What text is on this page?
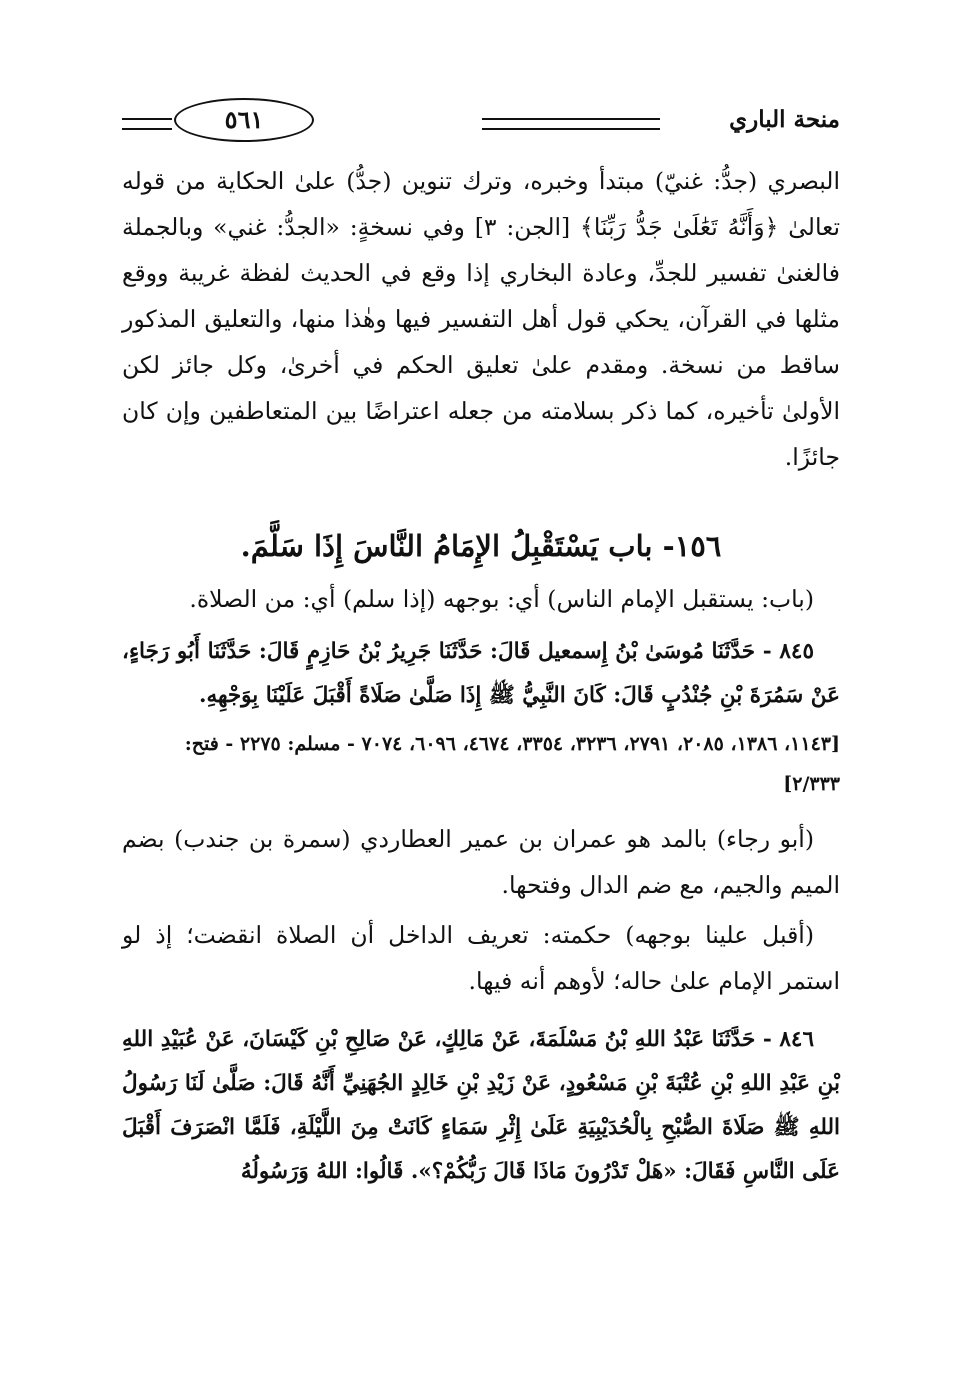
منحة الباري
٥٦١

البصري (جدُّ: غنيّ) مبتدأ وخبره، وترك تنوين (جدُّ) علىٰ الحكاية من قوله تعالىٰ ﴿وَأَنَّهُ تَعَٰلَىٰ جَدُّ رَبِّنَا﴾ [الجن: ٣] وفي نسخةٍ: «الجدُّ: غني» وبالجملة فالغنىٰ تفسير للجدِّ، وعادة البخاري إذا وقع في الحديث لفظة غريبة ووقع مثلها في القرآن، يحكي قول أهل التفسير فيها وهٰذا منها، والتعليق المذكور ساقط من نسخة. ومقدم علىٰ تعليق الحكم في أخرىٰ، وكل جائز لكن الأولىٰ تأخيره، كما ذكر بسلامته من جعله اعتراضًا بين المتعاطفين وإن كان جائزًا.

١٥٦- باب يَسْتَقْبِلُ الإِمَامُ النَّاسَ إِذَا سَلَّمَ.

(باب: يستقبل الإمام الناس) أي: بوجهه (إذا سلم) أي: من الصلاة.

٨٤٥ - حَدَّثَنَا مُوسَىٰ بْنُ إِسمعيل قَالَ: حَدَّثَنَا جَرِيرُ بْنُ حَازِمٍ قَالَ: حَدَّثَنَا أَبُو رَجَاءٍ، عَنْ سَمُرَةَ بْنِ جُنْدُبٍ قَالَ: كَانَ النَّبِيُّ ﷺ إِذَا صَلَّىٰ صَلَاةً أَقْبَلَ عَلَيْنَا بِوَجْهِهِ.

[١١٤٣، ١٣٨٦، ٢٠٨٥، ٢٧٩١، ٣٢٣٦، ٣٣٥٤، ٤٦٧٤، ٦٠٩٦، ٧٠٧٤ - مسلم: ٢٢٧٥ - فتح: ٢/٣٣٣]

(أبو رجاء) بالمد هو عمران بن عمير العطاردي (سمرة بن جندب) بضم الميم والجيم، مع ضم الدال وفتحها.

(أقبل علينا بوجهه) حكمته: تعريف الداخل أن الصلاة انقضت؛ إذ لو استمر الإمام علىٰ حاله؛ لأوهم أنه فيها.

٨٤٦ - حَدَّثَنَا عَبْدُ اللهِ بْنُ مَسْلَمَةَ، عَنْ مَالِكٍ، عَنْ صَالِحِ بْنِ كَيْسَانَ، عَنْ عُبَيْدِ اللهِ بْنِ عَبْدِ اللهِ بْنِ عُتْبَةَ بْنِ مَسْعُودٍ، عَنْ زَيْدِ بْنِ خَالِدٍ الجُهَنِيِّ أَنَّهُ قَالَ: صَلَّىٰ لَنَا رَسُولُ اللهِ ﷺ صَلَاةَ الصُّبْحِ بِالْحُدَيْبِيَةِ عَلَىٰ إِثْرِ سَمَاءٍ كَانَتْ مِنَ اللَّيْلَةِ، فَلَمَّا انْصَرَفَ أَقْبَلَ عَلَى النَّاسِ فَقَالَ: «هَلْ تَدْرُونَ مَاذَا قَالَ رَبُّكُمْ؟». قَالُوا: اللهُ وَرَسُولُهُ
